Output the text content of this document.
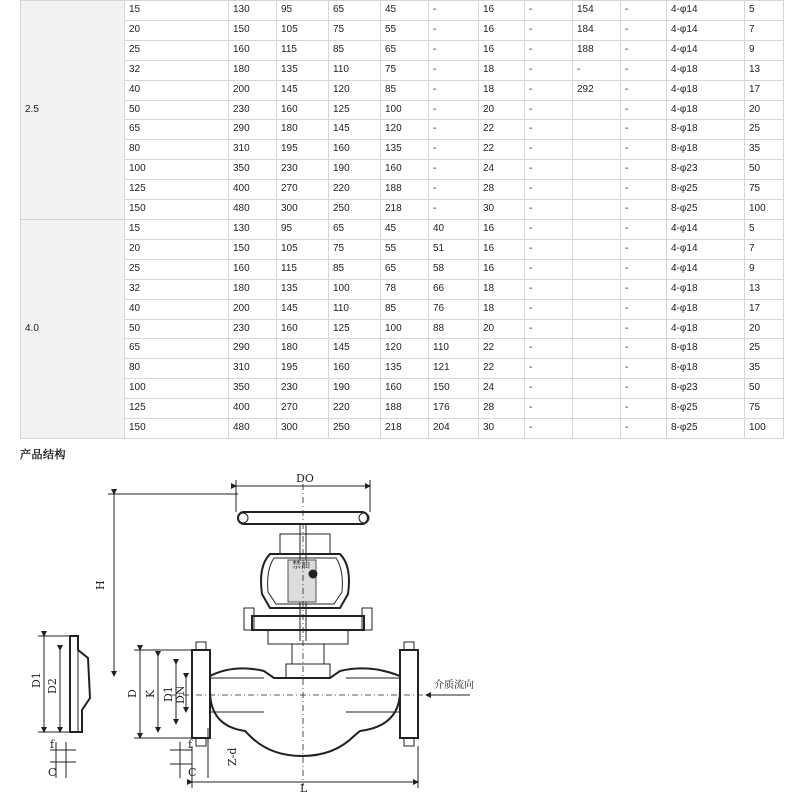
2.5	15	130	95	65	45	-	16	-	154	-	4-φ14	5
	20	150	105	75	55	-	16	-	184	-	4-φ14	7
	25	160	115	85	65	-	16	-	188	-	4-φ14	9
	32	180	135	110	75	-	18	-	-	-	4-φ18	13
	40	200	145	120	85	-	18	-	292	-	4-φ18	17
	50	230	160	125	100	-	20	-		-	4-φ18	20
	65	290	180	145	120	-	22	-		-	8-φ18	25
	80	310	195	160	135	-	22	-		-	8-φ18	35
	100	350	230	190	160	-	24	-		-	8-φ23	50
	125	400	270	220	188	-	28	-		-	8-φ25	75
	150	480	300	250	218	-	30	-		-	8-φ25	100
4.0	15	130	95	65	45	40	16	-		-	4-φ14	5
	20	150	105	75	55	51	16	-		-	4-φ14	7
	25	160	115	85	65	58	16	-		-	4-φ14	9
	32	180	135	100	78	66	18	-		-	4-φ18	13
	40	200	145	110	85	76	18	-		-	4-φ18	17
	50	230	160	125	100	88	20	-		-	4-φ18	20
	65	290	180	145	120	110	22	-		-	8-φ18	25
	80	310	195	160	135	121	22	-		-	8-φ18	35
	100	350	230	190	160	150	24	-		-	8-φ23	50
	125	400	270	220	188	176	28	-		-	8-φ25	75
	150	480	300	250	218	204	30	-		-	8-φ25	100
产品结构
DO
H
D1 D2	D K D1 DN
f
C
f
C
Z-d
L
介质流向
禁油
